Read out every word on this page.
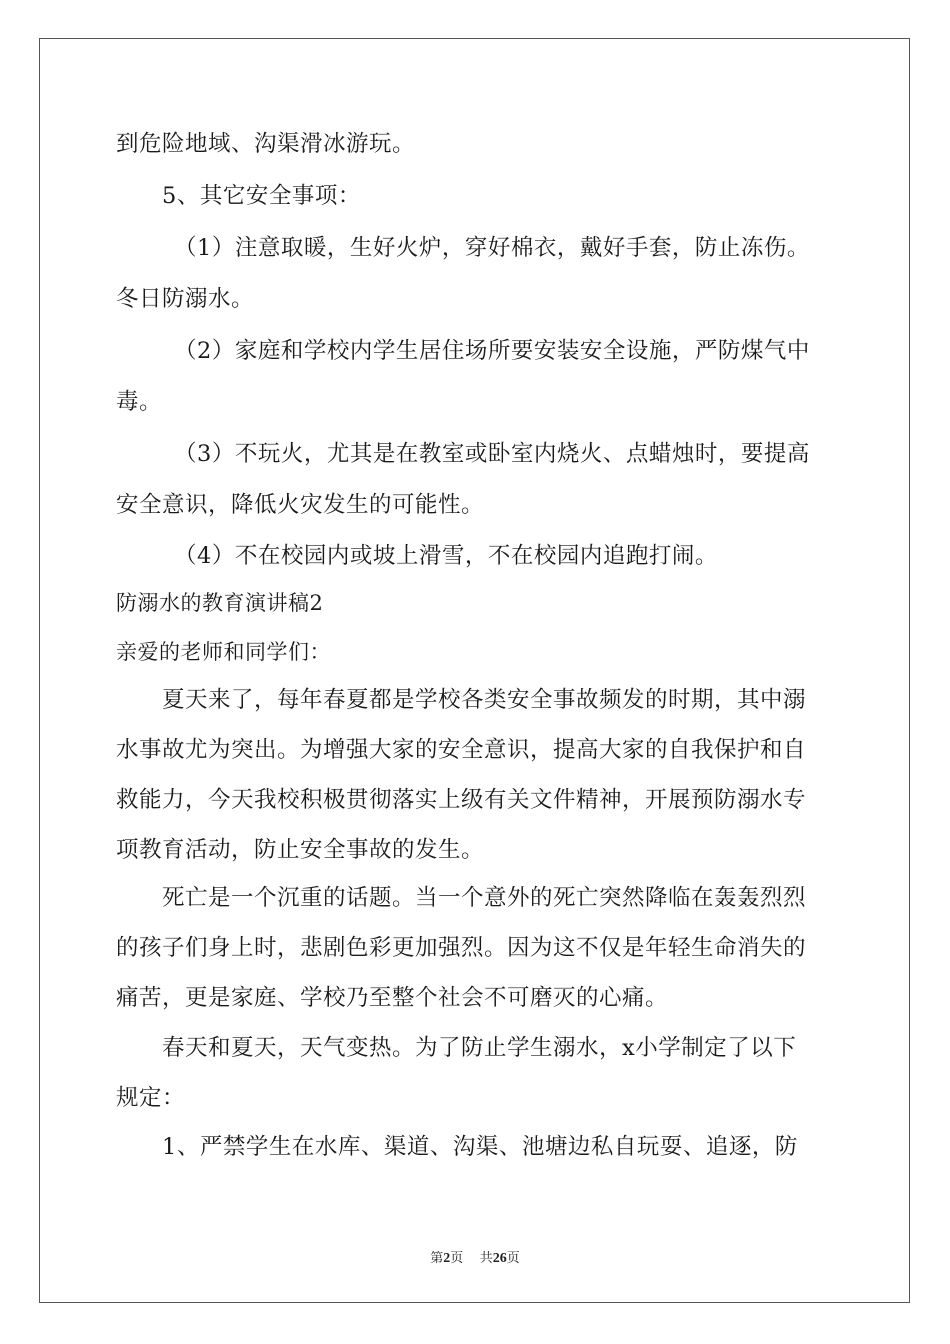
到危险地域、沟渠滑冰游玩。
5、其它安全事项：
（1）注意取暖，生好火炉，穿好棉衣，戴好手套，防止冻伤。
冬日防溺水。
（2）家庭和学校内学生居住场所要安装安全设施，严防煤气中
毒。
（3）不玩火，尤其是在教室或卧室内烧火、点蜡烛时，要提高
安全意识，降低火灾发生的可能性。
（4）不在校园内或坡上滑雪，不在校园内追跑打闹。
防溺水的教育演讲稿2
亲爱的老师和同学们：
夏天来了，每年春夏都是学校各类安全事故频发的时期，其中溺
水事故尤为突出。为增强大家的安全意识，提高大家的自我保护和自
救能力，今天我校积极贯彻落实上级有关文件精神，开展预防溺水专
项教育活动，防止安全事故的发生。
死亡是一个沉重的话题。当一个意外的死亡突然降临在轰轰烈烈
的孩子们身上时，悲剧色彩更加强烈。因为这不仅是年轻生命消失的
痛苦，更是家庭、学校乃至整个社会不可磨灭的心痛。
春天和夏天，天气变热。为了防止学生溺水，x小学制定了以下
规定：
1、严禁学生在水库、渠道、沟渠、池塘边私自玩耍、追逐，防
第2页 共26页
